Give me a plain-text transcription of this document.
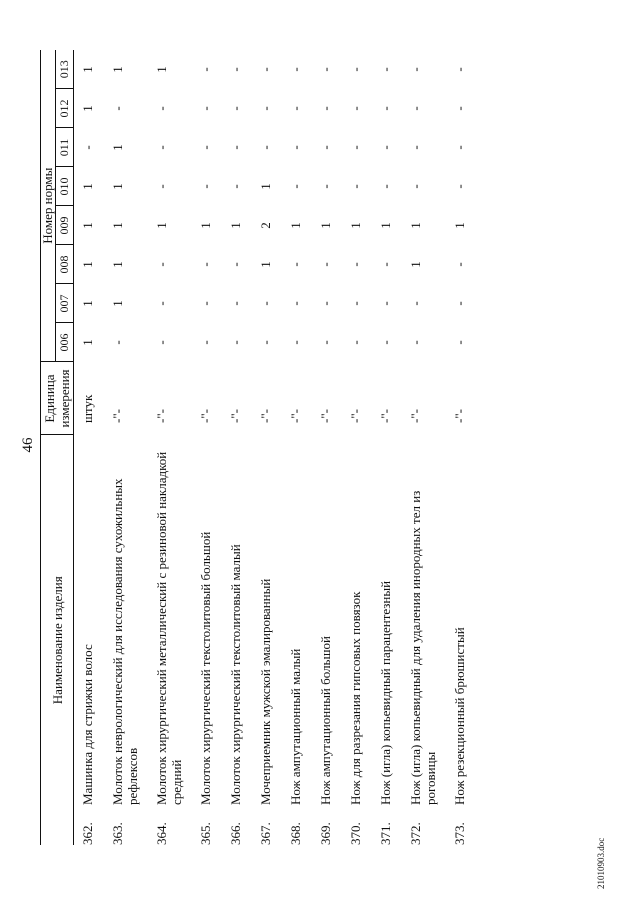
46
Наименование изделия	Единица
измерения	Номер нормы							
		006	007	008	009	010	011	012	013

362.
Машинка для стрижки волос	штук	1	1	1	1	1	-	1	1

363.
Молоток неврологический для исследования сухожильных рефлексов	-"-	-	1	1	1	1	1	-	1

364.
Молоток хирургический металлический с резиновой накладкой средний	-"-	-	-	-	1	-	-	-	1

365.
Молоток хирургический текстолитовый большой	-"-	-	-	-	1	-	-	-	-

366.
Молоток хирургический текстолитовый малый	-"-	-	-	-	1	-	-	-	-

367.
Мочеприемник мужской эмалированный	-"-	-	-	1	2	1	-	-	-

368.
Нож ампутационный малый	-"-	-	-	-	1	-	-	-	-

369.
Нож ампутационный большой	-"-	-	-	-	1	-	-	-	-

370.
Нож для разрезания гипсовых повязок	-"-	-	-	-	1	-	-	-	-

371.
Нож (игла) копьевидный парацентезный	-"-	-	-	-	1	-	-	-	-

372.
Нож (игла) копьевидный для удаления инородных тел из роговицы	-"-	-	-	1	1	-	-	-	-

373.
Нож резекционный брюшистый	-"-	-	-	-	1	-	-	-	-
21010903.doc
